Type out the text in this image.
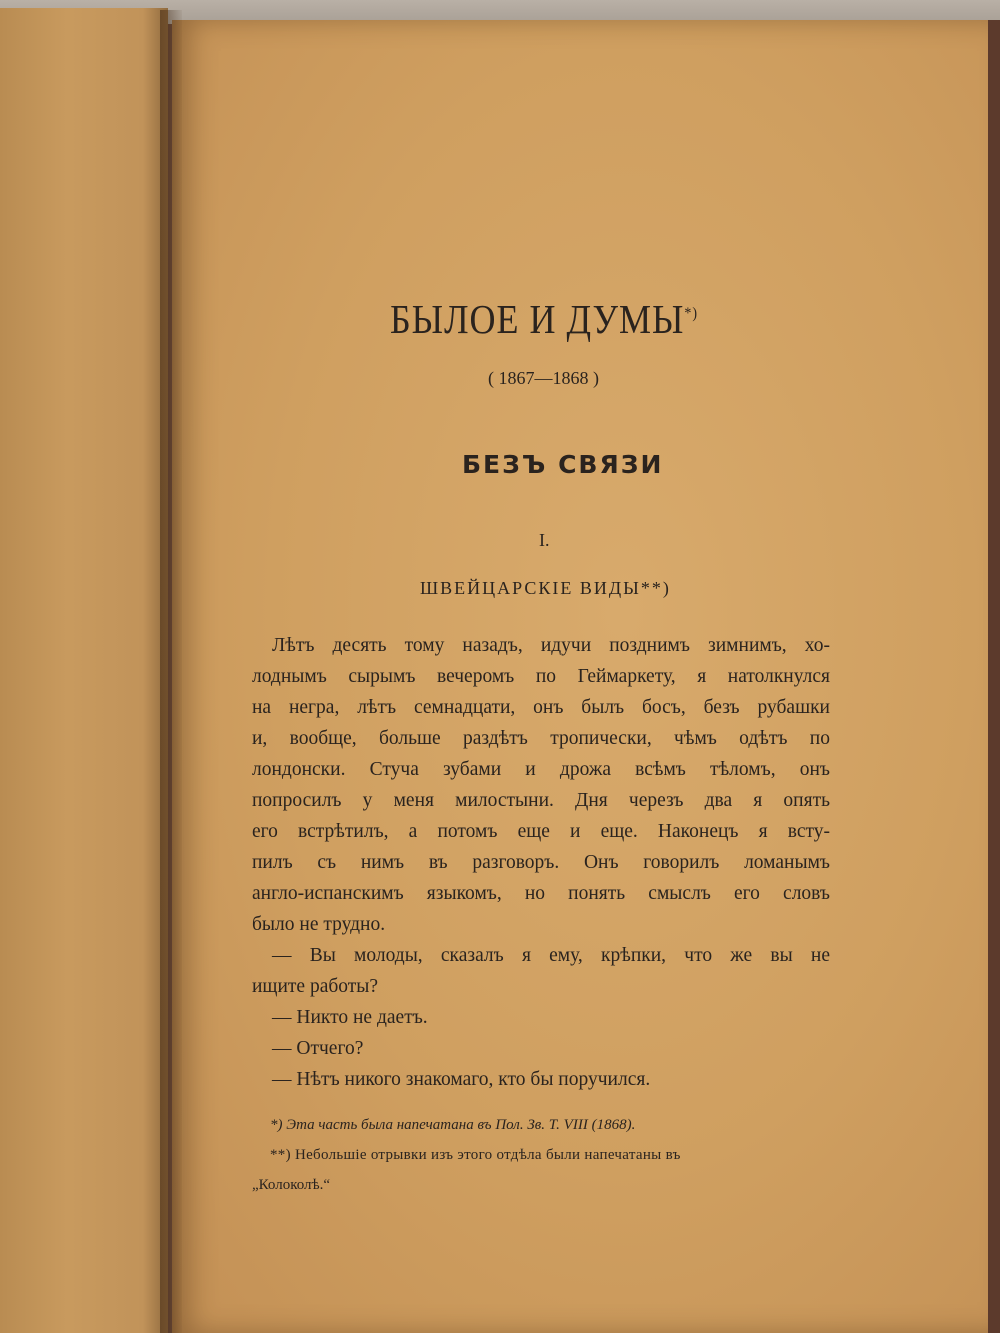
БЫЛОЕ И ДУМЫ*)
( 1867—1868 )
БЕЗЪ СВЯЗИ
I.
ШВЕЙЦАРСКIЕ ВИДЫ**)
Лѣтъ десять тому назадъ, идучи позднимъ зимнимъ, хо-
лоднымъ сырымъ вечеромъ по Геймаркету, я натолкнулся
на негра, лѣтъ семнадцати, онъ былъ босъ, безъ рубашки
и, вообще, больше раздѣтъ тропически, чѣмъ одѣтъ по
лондонски. Стуча зубами и дрожа всѣмъ тѣломъ, онъ
попросилъ у меня милостыни. Дня черезъ два я опять
его встрѣтилъ, а потомъ еще и еще. Наконецъ я всту-
пилъ съ нимъ въ разговоръ. Онъ говорилъ ломанымъ
англо-испанскимъ языкомъ, но понять смыслъ его словъ
было не трудно.
— Вы молоды, сказалъ я ему, крѣпки, что же вы не
ищите работы?
— Никто не даетъ.
— Отчего?
— Нѣтъ никого знакомаго, кто бы поручился.
*) Эта часть была напечатана въ Пол. Зв. Т. VIII (1868).
**) Небольшiе отрывки изъ этого отдѣла были напечатаны въ
„Колоколѣ.“
